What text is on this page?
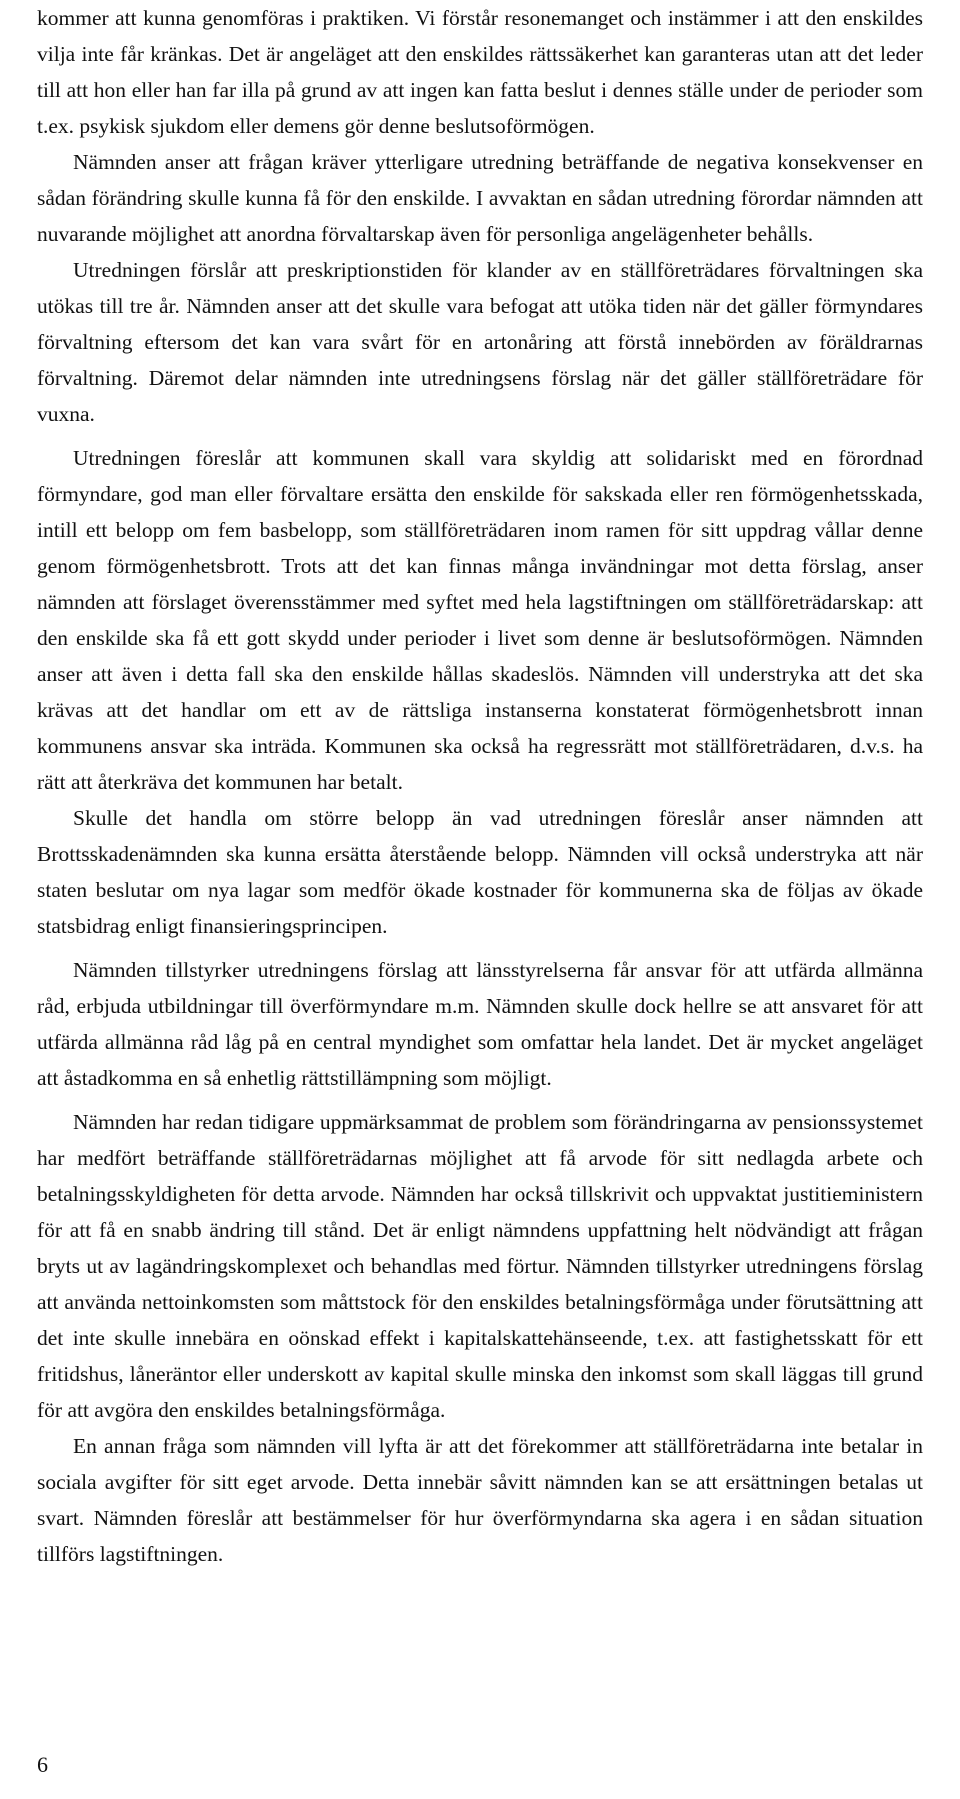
kommer att kunna genomföras i praktiken. Vi förstår resonemanget och instämmer i att den enskildes vilja inte får kränkas. Det är angeläget att den enskildes rättssäkerhet kan garanteras utan att det leder till att hon eller han far illa på grund av att ingen kan fatta beslut i dennes ställe under de perioder som t.ex. psykisk sjukdom eller demens gör denne beslutsoförmögen.

Nämnden anser att frågan kräver ytterligare utredning beträffande de negativa konsekvenser en sådan förändring skulle kunna få för den enskilde. I avvaktan en sådan utredning förordar nämnden att nuvarande möjlighet att anordna förvaltarskap även för personliga angelägenheter behålls.

Utredningen förslår att preskriptionstiden för klander av en ställföreträdares förvaltningen ska utökas till tre år. Nämnden anser att det skulle vara befogat att utöka tiden när det gäller förmyndares förvaltning eftersom det kan vara svårt för en artonåring att förstå innebörden av föräldrarnas förvaltning. Däremot delar nämnden inte utredningsens förslag när det gäller ställföreträdare för vuxna.

Utredningen föreslår att kommunen skall vara skyldig att solidariskt med en förordnad förmyndare, god man eller förvaltare ersätta den enskilde för sakskada eller ren förmögenhetsskada, intill ett belopp om fem basbelopp, som ställföreträdaren inom ramen för sitt uppdrag vållar denne genom förmögenhetsbrott. Trots att det kan finnas många invändningar mot detta förslag, anser nämnden att förslaget överensstämmer med syftet med hela lagstiftningen om ställföreträdarskap: att den enskilde ska få ett gott skydd under perioder i livet som denne är beslutsoförmögen. Nämnden anser att även i detta fall ska den enskilde hållas skadeslös. Nämnden vill understryka att det ska krävas att det handlar om ett av de rättsliga instanserna konstaterat förmögenhetsbrott innan kommunens ansvar ska inträda. Kommunen ska också ha regressrätt mot ställföreträdaren, d.v.s. ha rätt att återkräva det kommunen har betalt.

Skulle det handla om större belopp än vad utredningen föreslår anser nämnden att Brottsskadenämnden ska kunna ersätta återstående belopp. Nämnden vill också understryka att när staten beslutar om nya lagar som medför ökade kostnader för kommunerna ska de följas av ökade statsbidrag enligt finansieringsprincipen.

Nämnden tillstyrker utredningens förslag att länsstyrelserna får ansvar för att utfärda allmänna råd, erbjuda utbildningar till överförmyndare m.m. Nämnden skulle dock hellre se att ansvaret för att utfärda allmänna råd låg på en central myndighet som omfattar hela landet. Det är mycket angeläget att åstadkomma en så enhetlig rättstillämpning som möjligt.

Nämnden har redan tidigare uppmärksammat de problem som förändringarna av pensionssystemet har medfört beträffande ställföreträdarnas möjlighet att få arvode för sitt nedlagda arbete och betalningsskyldigheten för detta arvode. Nämnden har också tillskrivit och uppvaktat justitieministern för att få en snabb ändring till stånd. Det är enligt nämndens uppfattning helt nödvändigt att frågan bryts ut av lagändringskomplexet och behandlas med förtur. Nämnden tillstyrker utredningens förslag att använda nettoinkomsten som måttstock för den enskildes betalningsförmåga under förutsättning att det inte skulle innebära en oönskad effekt i kapitalskattehänseende, t.ex. att fastighetsskatt för ett fritidshus, låneräntor eller underskott av kapital skulle minska den inkomst som skall läggas till grund för att avgöra den enskildes betalningsförmåga.

En annan fråga som nämnden vill lyfta är att det förekommer att ställföreträdarna inte betalar in sociala avgifter för sitt eget arvode. Detta innebär såvitt nämnden kan se att ersättningen betalas ut svart. Nämnden föreslår att bestämmelser för hur överförmyndarna ska agera i en sådan situation tillförs lagstiftningen.

6
